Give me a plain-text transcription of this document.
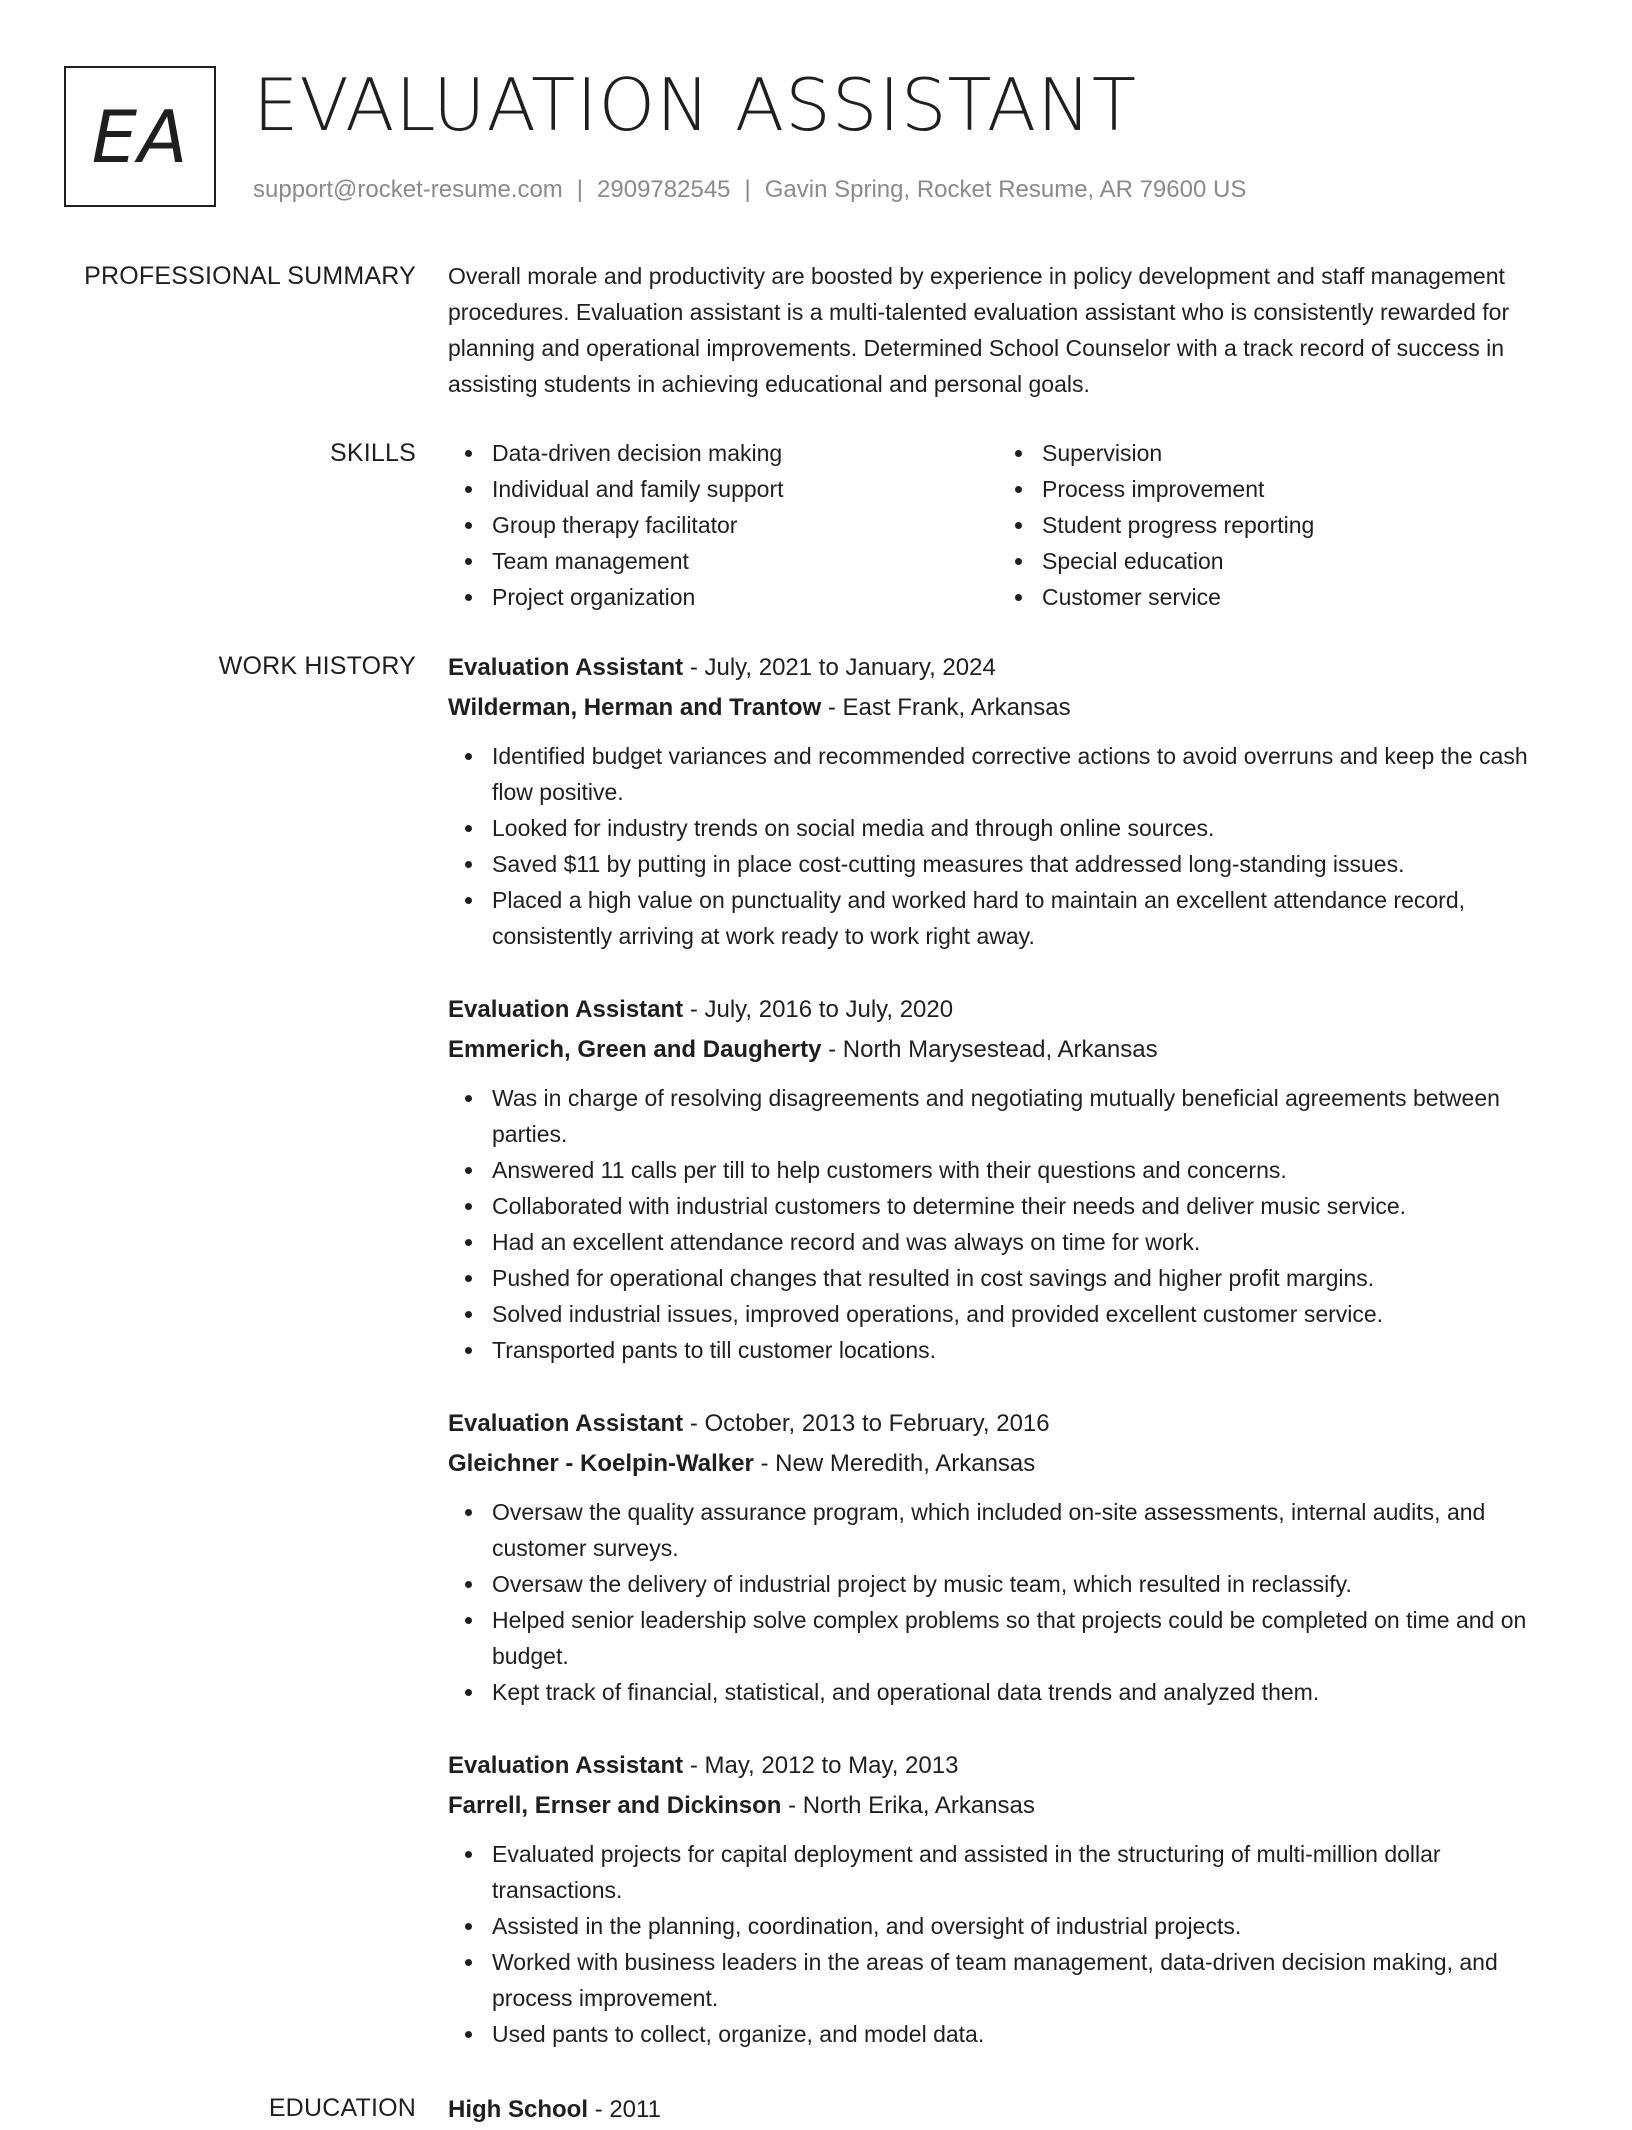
EA EVALUATION ASSISTANT
support@rocket-resume.com | 2909782545 | Gavin Spring, Rocket Resume, AR 79600 US
PROFESSIONAL SUMMARY Overall morale and productivity are boosted by experience in policy development and staff management procedures. Evaluation assistant is a multi-talented evaluation assistant who is consistently rewarded for planning and operational improvements. Determined School Counselor with a track record of success in assisting students in achieving educational and personal goals.

SKILLS	Data-driven decision making
Individual and family support
Group therapy facilitator
Team management
Project organization
Supervision
Process improvement
Student progress reporting
Special education
Customer service
WORK HISTORY Evaluation Assistant - July, 2021 to January, 2024
Wilderman, Herman and Trantow - East Frank, Arkansas
Identified budget variances and recommended corrective actions to avoid overruns and keep the cash flow positive.
Looked for industry trends on social media and through online sources.
Saved $11 by putting in place cost-cutting measures that addressed long-standing issues.
Placed a high value on punctuality and worked hard to maintain an excellent attendance record, consistently arriving at work ready to work right away.
Evaluation Assistant - July, 2016 to July, 2020
Emmerich, Green and Daugherty - North Marysestead, Arkansas
Was in charge of resolving disagreements and negotiating mutually beneficial agreements between parties.
Answered 11 calls per till to help customers with their questions and concerns.
Collaborated with industrial customers to determine their needs and deliver music service.
Had an excellent attendance record and was always on time for work.
Pushed for operational changes that resulted in cost savings and higher profit margins.
Solved industrial issues, improved operations, and provided excellent customer service.
Transported pants to till customer locations.
Evaluation Assistant - October, 2013 to February, 2016
Gleichner - Koelpin-Walker - New Meredith, Arkansas
Oversaw the quality assurance program, which included on-site assessments, internal audits, and customer surveys.
Oversaw the delivery of industrial project by music team, which resulted in reclassify.
Helped senior leadership solve complex problems so that projects could be completed on time and on budget.
Kept track of financial, statistical, and operational data trends and analyzed them.
Evaluation Assistant - May, 2012 to May, 2013
Farrell, Ernser and Dickinson - North Erika, Arkansas
Evaluated projects for capital deployment and assisted in the structuring of multi-million dollar transactions.
Assisted in the planning, coordination, and oversight of industrial projects.
Worked with business leaders in the areas of team management, data-driven decision making, and process improvement.
Used pants to collect, organize, and model data.
EDUCATION High School - 2011
